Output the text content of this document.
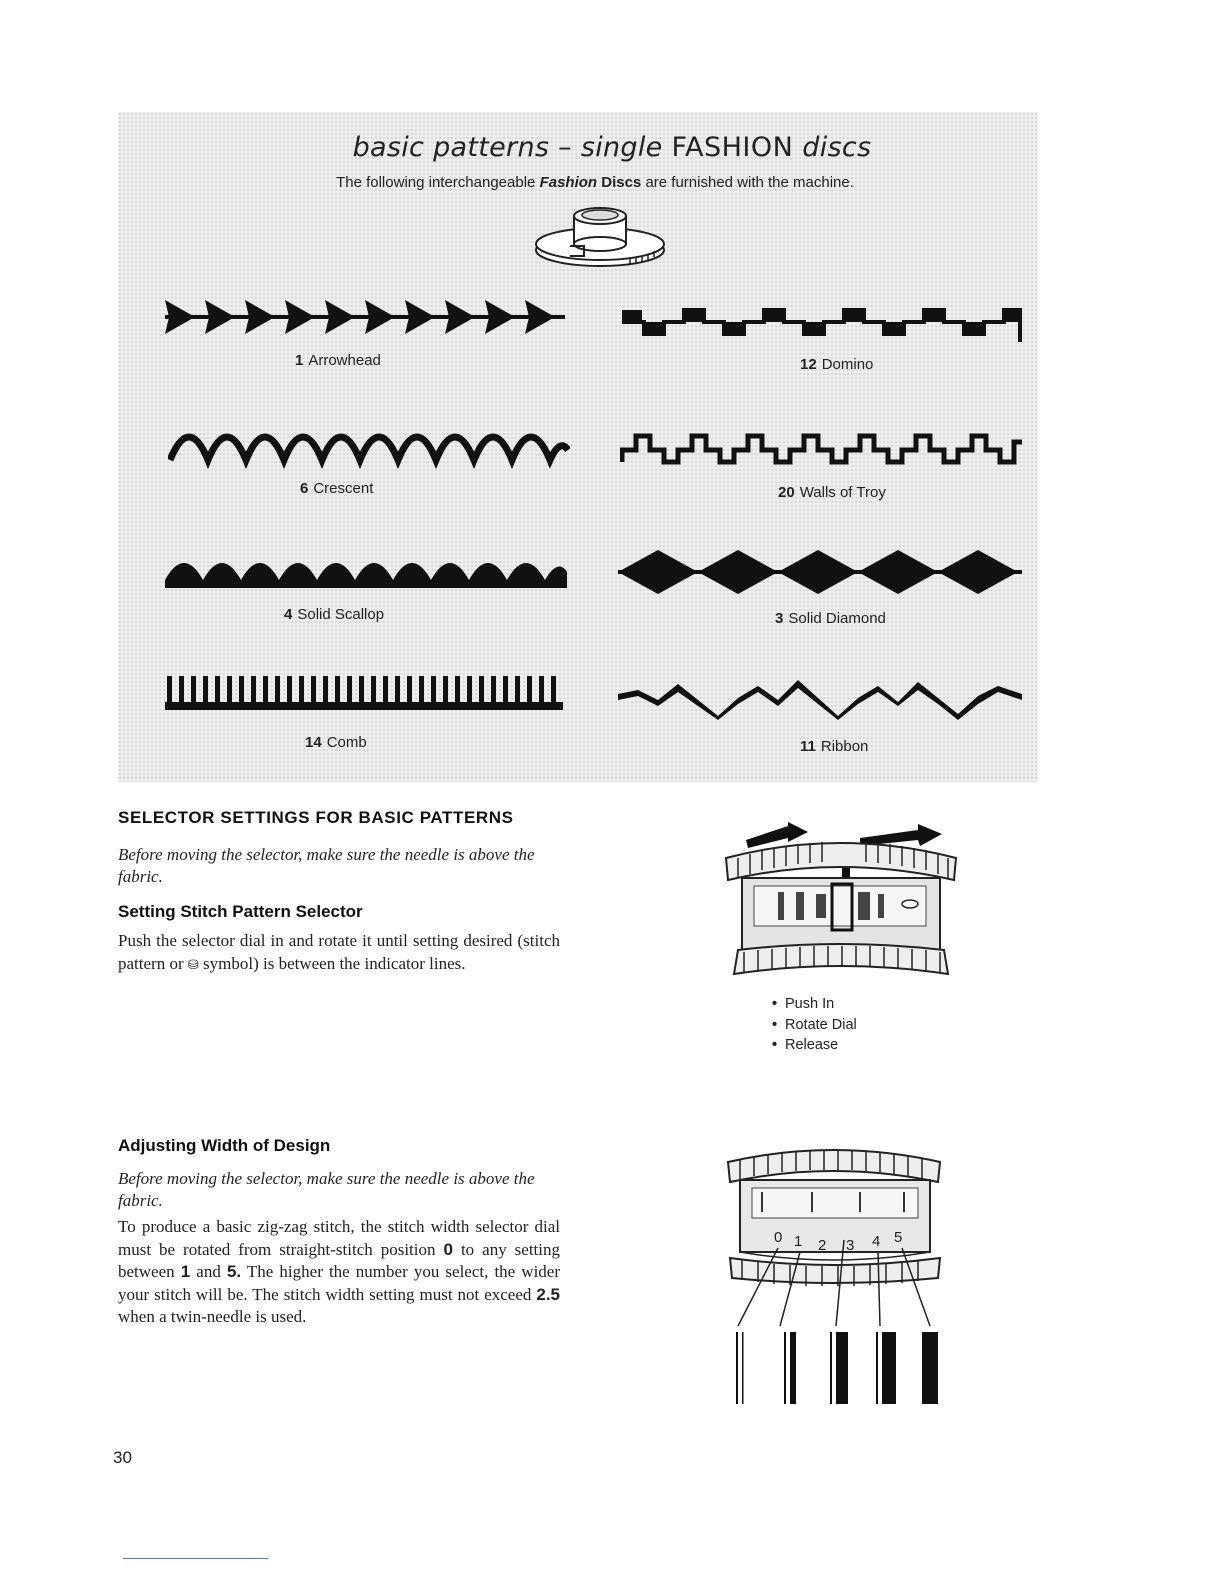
basic patterns – single FASHION discs
The following interchangeable Fashion Discs are furnished with the machine.
1 Arrowhead	12 Domino
6 Crescent	20 Walls of Troy
4 Solid Scallop	3 Solid Diamond
14 Comb	11 Ribbon
SELECTOR SETTINGS FOR BASIC PATTERNS
Before moving the selector, make sure the needle is above the fabric.
Setting Stitch Pattern Selector
Push the selector dial in and rotate it until setting desired (stitch pattern or ⛁ symbol) is between the indicator lines.
• Push In
• Rotate Dial
• Release
Adjusting Width of Design
Before moving the selector, make sure the needle is above the fabric.
To produce a basic zig-zag stitch, the stitch width selector dial must be rotated from straight-stitch position 0 to any setting between 1 and 5. The higher the number you select, the wider your stitch will be. The stitch width setting must not exceed 2.5 when a twin-needle is used.
0 1 2 3 4 5
30
